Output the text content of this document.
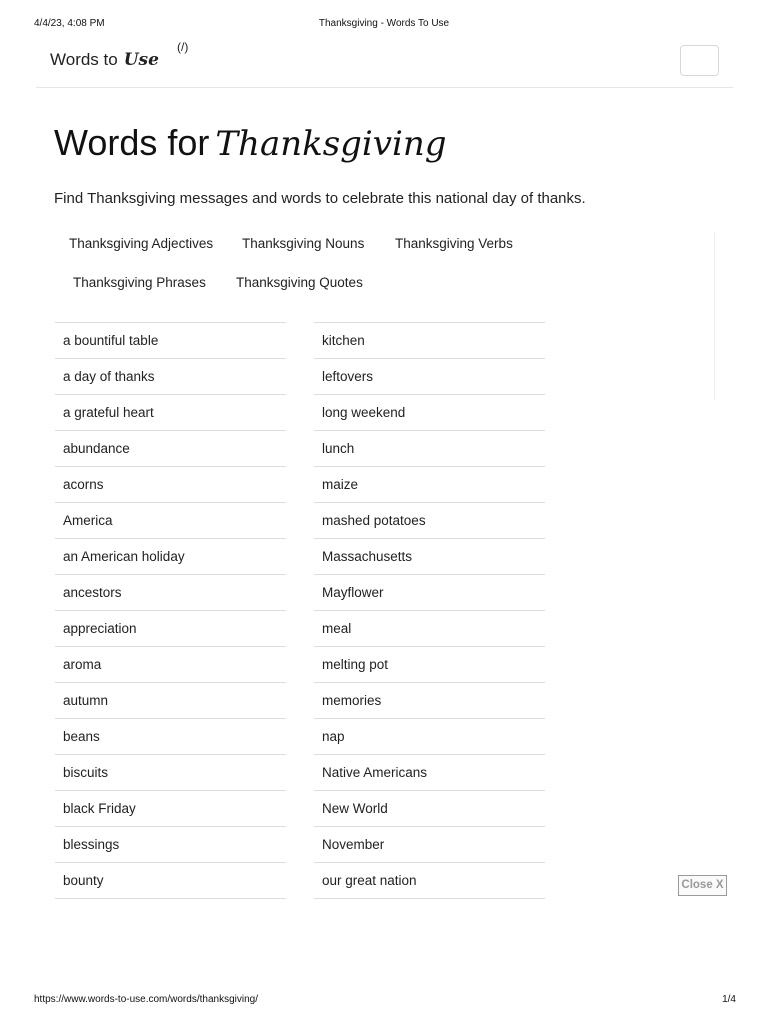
4/4/23, 4:08 PM	Thanksgiving - Words To Use
Words to Use
(/)
Words for Thanksgiving

Find Thanksgiving messages and words to celebrate this national day of thanks.

Thanksgiving Adjectives Thanksgiving Nouns Thanksgiving Verbs
Thanksgiving Phrases Thanksgiving Quotes
a bountiful table
a day of thanks
a grateful heart
abundance
acorns
America
an American holiday
ancestors
appreciation
aroma
autumn
beans
biscuits
black Friday
blessings
bounty
kitchen
leftovers
long weekend
lunch
maize
mashed potatoes
Massachusetts
Mayflower
meal
melting pot
memories
nap
Native Americans
New World
November
our great nation	Close X
https://www.words-to-use.com/words/thanksgiving/	1/4
